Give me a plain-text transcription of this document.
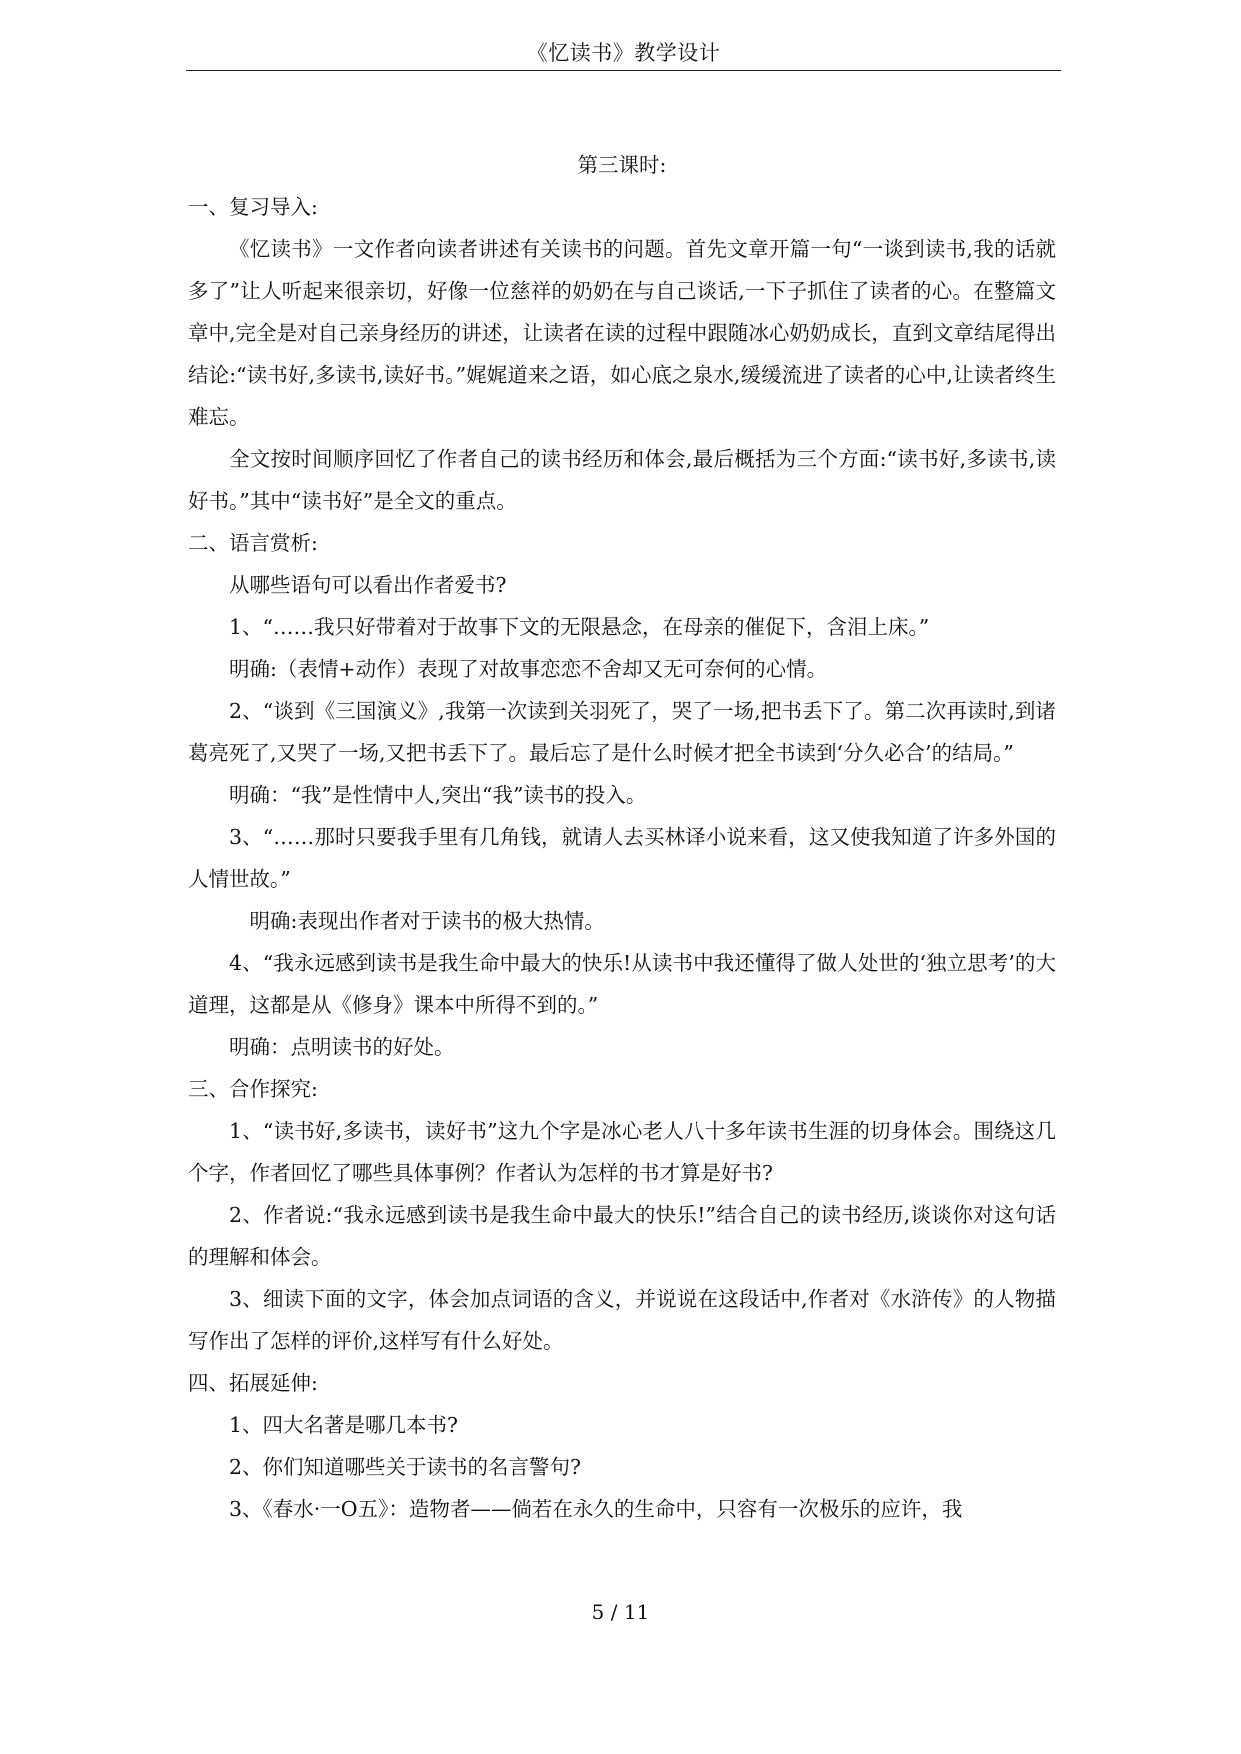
《忆读书》教学设计

第三课时:

一、复习导入:

《忆读书》一文作者向读者讲述有关读书的问题。首先文章开篇一句“一谈到读书,我的话就多了”让人听起来很亲切，好像一位慈祥的奶奶在与自己谈话,一下子抓住了读者的心。在整篇文章中,完全是对自己亲身经历的讲述，让读者在读的过程中跟随冰心奶奶成长，直到文章结尾得出结论:“读书好,多读书,读好书。”娓娓道来之语，如心底之泉水,缓缓流进了读者的心中,让读者终生难忘。

全文按时间顺序回忆了作者自己的读书经历和体会,最后概括为三个方面:“读书好,多读书,读好书。”其中“读书好”是全文的重点。

二、语言赏析:

从哪些语句可以看出作者爱书?

1、“……我只好带着对于故事下文的无限悬念，在母亲的催促下，含泪上床。”

明确:（表情+动作）表现了对故事恋恋不舍却又无可奈何的心情。

2、“谈到《三国演义》,我第一次读到关羽死了，哭了一场,把书丢下了。第二次再读时,到诸葛亮死了,又哭了一场,又把书丢下了。最后忘了是什么时候才把全书读到‘分久必合’的结局。”

明确：“我”是性情中人,突出“我”读书的投入。

3、“……那时只要我手里有几角钱，就请人去买林译小说来看，这又使我知道了许多外国的人情世故。”

明确:表现出作者对于读书的极大热情。

4、“我永远感到读书是我生命中最大的快乐!从读书中我还懂得了做人处世的‘独立思考’的大道理，这都是从《修身》课本中所得不到的。”

明确：点明读书的好处。

三、合作探究:

1、“读书好,多读书，读好书”这九个字是冰心老人八十多年读书生涯的切身体会。围绕这几个字，作者回忆了哪些具体事例？作者认为怎样的书才算是好书?

2、作者说:“我永远感到读书是我生命中最大的快乐!”结合自己的读书经历,谈谈你对这句话的理解和体会。

3、细读下面的文字，体会加点词语的含义，并说说在这段话中,作者对《水浒传》的人物描写作出了怎样的评价,这样写有什么好处。

四、拓展延伸:

1、四大名著是哪几本书?

2、你们知道哪些关于读书的名言警句?

3、《春水·一O五》：造物者——倘若在永久的生命中，只容有一次极乐的应许，我

5 / 11
